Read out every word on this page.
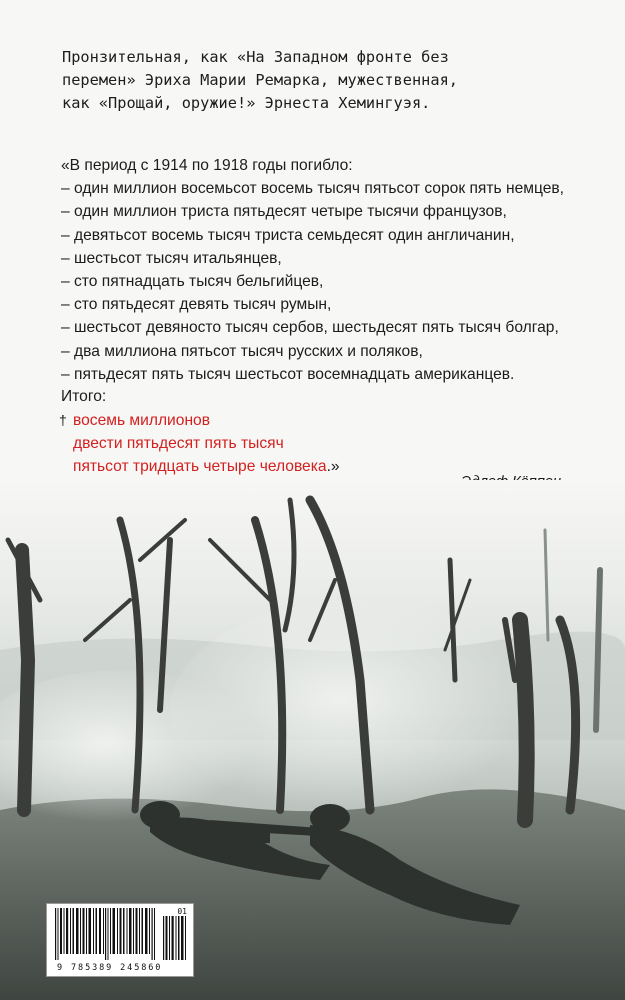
Пронзительная, как «На Западном фронте без
перемен» Эриха Марии Ремарка, мужественная,
как «Прощай, оружие!» Эрнеста Хемингуэя.
«В период с 1914 по 1918 годы погибло:
– один миллион восемьсот восемь тысяч пятьсот сорок пять немцев,
– один миллион триста пятьдесят четыре тысячи французов,
– девятьсот восемь тысяч триста семьдесят один англичанин,
– шестьсот тысяч итальянцев,
– сто пятнадцать тысяч бельгийцев,
– сто пятьдесят девять тысяч румын,
– шестьсот девяносто тысяч сербов, шестьдесят пять тысяч болгар,
– два миллиона пятьсот тысяч русских и поляков,
– пятьдесят пять тысяч шестьсот восемнадцать американцев.
Итого:
† восемь миллионов
двести пятьдесят пять тысяч
пятьсот тридцать четыре человека.»
01
9 785389 245860
